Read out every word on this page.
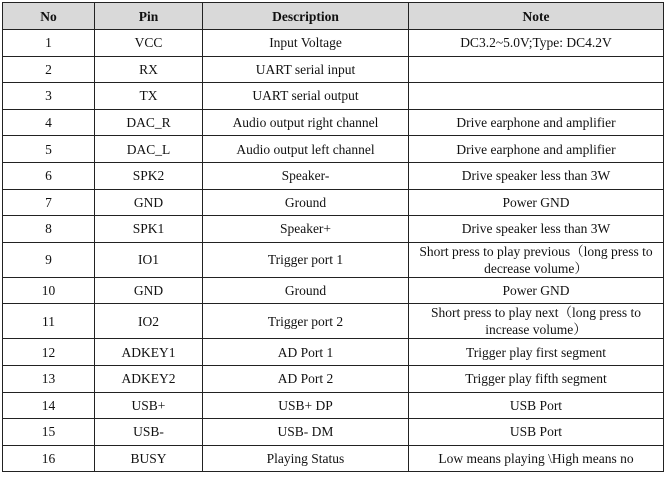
No	Pin	Description	Note
1	VCC	Input Voltage	DC3.2~5.0V;Type: DC4.2V
2	RX	UART serial input	
3	TX	UART serial output	
4	DAC_R	Audio output right channel	Drive earphone and amplifier
5	DAC_L	Audio output left channel	Drive earphone and amplifier
6	SPK2	Speaker-	Drive speaker less than 3W
7	GND	Ground	Power GND
8	SPK1	Speaker+	Drive speaker less than 3W
9	IO1	Trigger port 1	Short press to play previous（long press to decrease volume）
10	GND	Ground	Power GND
11	IO2	Trigger port 2	Short press to play next（long press to increase volume）
12	ADKEY1	AD Port 1	Trigger play first segment
13	ADKEY2	AD Port 2	Trigger play fifth segment
14	USB+	USB+ DP	USB Port
15	USB-	USB- DM	USB Port
16	BUSY	Playing Status	Low means playing \High means no
